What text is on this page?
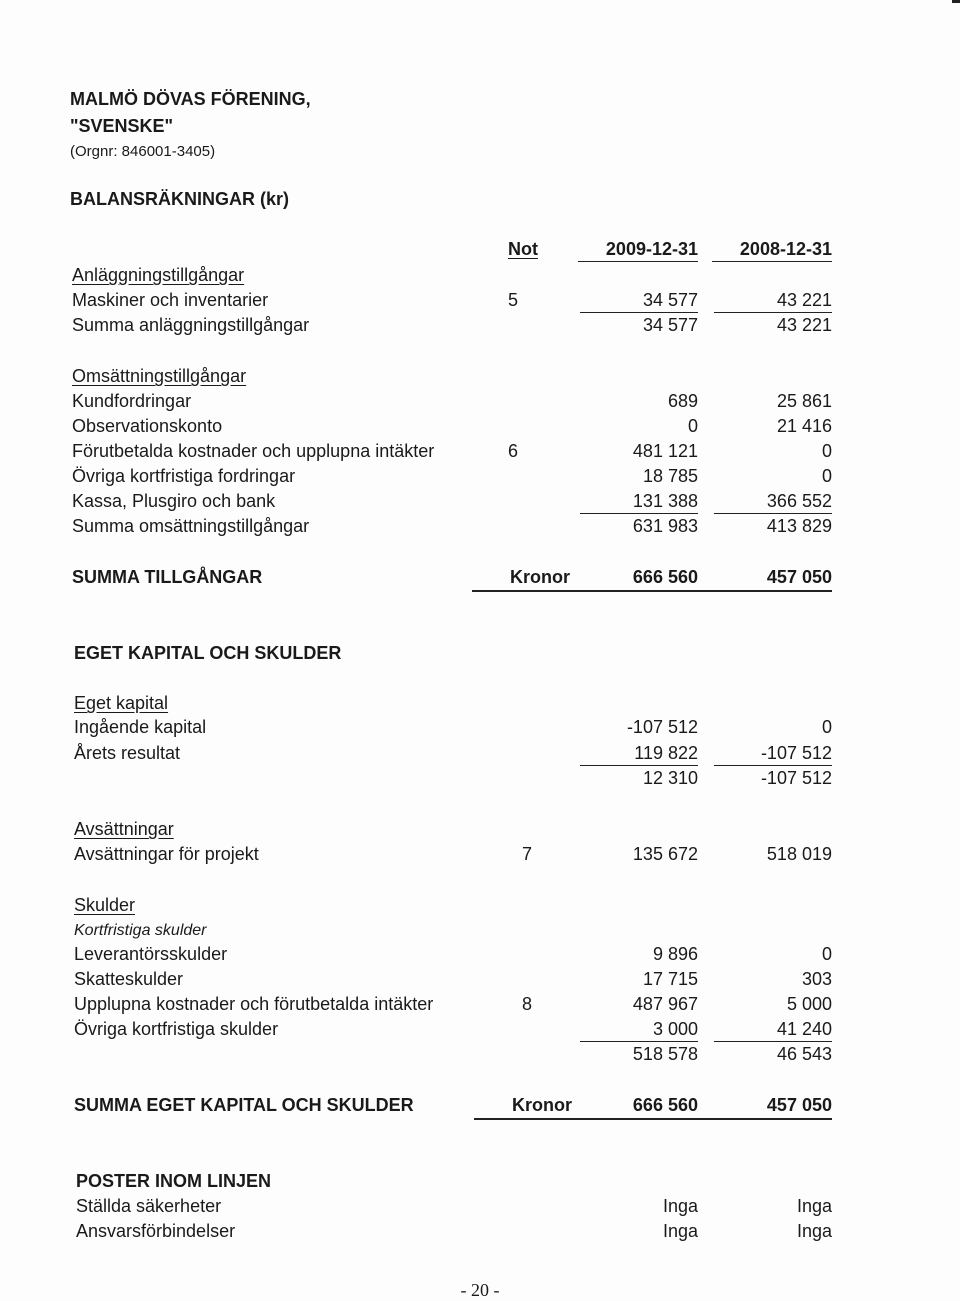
MALMÖ DÖVAS FÖRENING,
"SVENSKE"
(Orgnr: 846001-3405)
BALANSRÄKNINGAR (kr)
Not	2009-12-31	2008-12-31
Anläggningstillgångar
Maskiner och inventarier	5	34 577	43 221
Summa anläggningstillgångar	34 577	43 221
Omsättningstillgångar
Kundfordringar	689	25 861
Observationskonto	0	21 416
Förutbetalda kostnader och upplupna intäkter	6	481 121	0
Övriga kortfristiga fordringar	18 785	0
Kassa, Plusgiro och bank	131 388	366 552
Summa omsättningstillgångar	631 983	413 829
SUMMA TILLGÅNGAR	Kronor	666 560	457 050
EGET KAPITAL OCH SKULDER
Eget kapital
Ingående kapital	-107 512	0
Årets resultat	119 822	-107 512
12 310	-107 512
Avsättningar
Avsättningar för projekt	7	135 672	518 019
Skulder
Kortfristiga skulder
Leverantörsskulder	9 896	0
Skatteskulder	17 715	303
Upplupna kostnader och förutbetalda intäkter	8	487 967	5 000
Övriga kortfristiga skulder	3 000	41 240
518 578	46 543
SUMMA EGET KAPITAL OCH SKULDER	Kronor	666 560	457 050
POSTER INOM LINJEN
Ställda säkerheter	Inga	Inga
Ansvarsförbindelser	Inga	Inga
- 20 -
